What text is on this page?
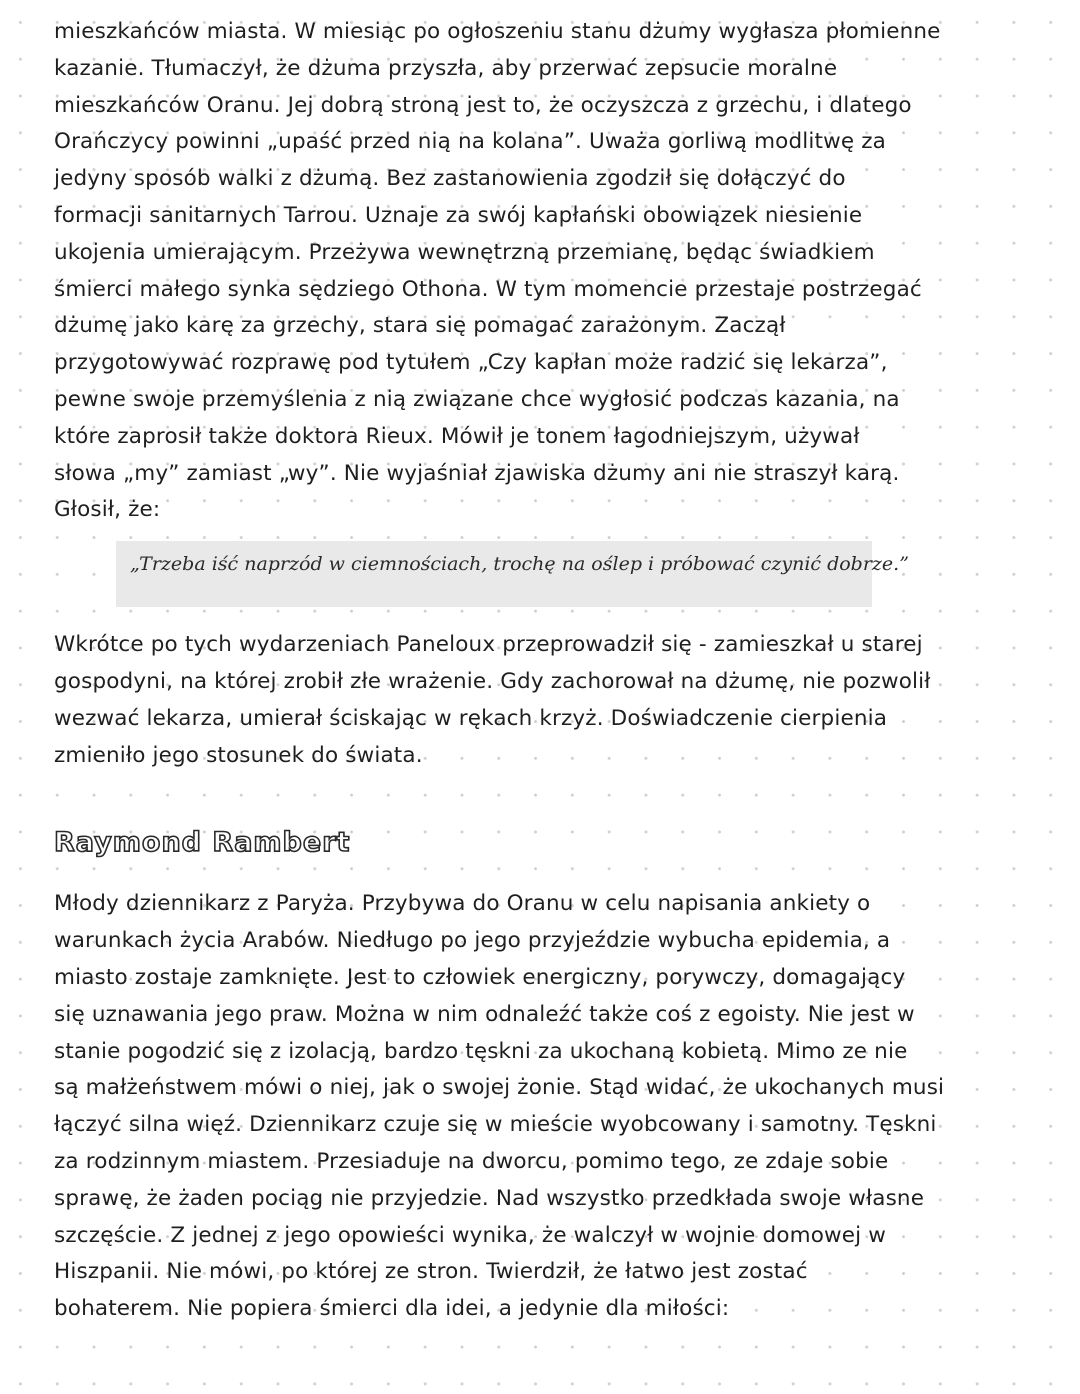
mieszkańców miasta. W miesiąc po ogłoszeniu stanu dżumy wygłasza płomienne
kazanie. Tłumaczył, że dżuma przyszła, aby przerwać zepsucie moralne
mieszkańców Oranu. Jej dobrą stroną jest to, że oczyszcza z grzechu, i dlatego
Orańczycy powinni „upaść przed nią na kolana”. Uważa gorliwą modlitwę za
jedyny sposób walki z dżumą. Bez zastanowienia zgodził się dołączyć do
formacji sanitarnych Tarrou. Uznaje za swój kapłański obowiązek niesienie
ukojenia umierającym. Przeżywa wewnętrzną przemianę, będąc świadkiem
śmierci małego synka sędziego Othona. W tym momencie przestaje postrzegać
dżumę jako karę za grzechy, stara się pomagać zarażonym. Zaczął
przygotowywać rozprawę pod tytułem „Czy kapłan może radzić się lekarza”,
pewne swoje przemyślenia z nią związane chce wygłosić podczas kazania, na
które zaprosił także doktora Rieux. Mówił je tonem łagodniejszym, używał
słowa „my” zamiast „wy”. Nie wyjaśniał zjawiska dżumy ani nie straszył karą.
Głosił, że:

„Trzeba iść naprzód w ciemnościach, trochę na oślep i próbować czynić dobrze.”

Wkrótce po tych wydarzeniach Paneloux przeprowadził się - zamieszkał u starej
gospodyni, na której zrobił złe wrażenie. Gdy zachorował na dżumę, nie pozwolił
wezwać lekarza, umierał ściskając w rękach krzyż. Doświadczenie cierpienia
zmieniło jego stosunek do świata.

Raymond Rambert

Młody dziennikarz z Paryża. Przybywa do Oranu w celu napisania ankiety o
warunkach życia Arabów. Niedługo po jego przyjeździe wybucha epidemia, a
miasto zostaje zamknięte. Jest to człowiek energiczny, porywczy, domagający
się uznawania jego praw. Można w nim odnaleźć także coś z egoisty. Nie jest w
stanie pogodzić się z izolacją, bardzo tęskni za ukochaną kobietą. Mimo ze nie
są małżeństwem mówi o niej, jak o swojej żonie. Stąd widać, że ukochanych musi
łączyć silna więź. Dziennikarz czuje się w mieście wyobcowany i samotny. Tęskni
za rodzinnym miastem. Przesiaduje na dworcu, pomimo tego, ze zdaje sobie
sprawę, że żaden pociąg nie przyjedzie. Nad wszystko przedkłada swoje własne
szczęście. Z jednej z jego opowieści wynika, że walczył w wojnie domowej w
Hiszpanii. Nie mówi, po której ze stron. Twierdził, że łatwo jest zostać
bohaterem. Nie popiera śmierci dla idei, a jedynie dla miłości:
